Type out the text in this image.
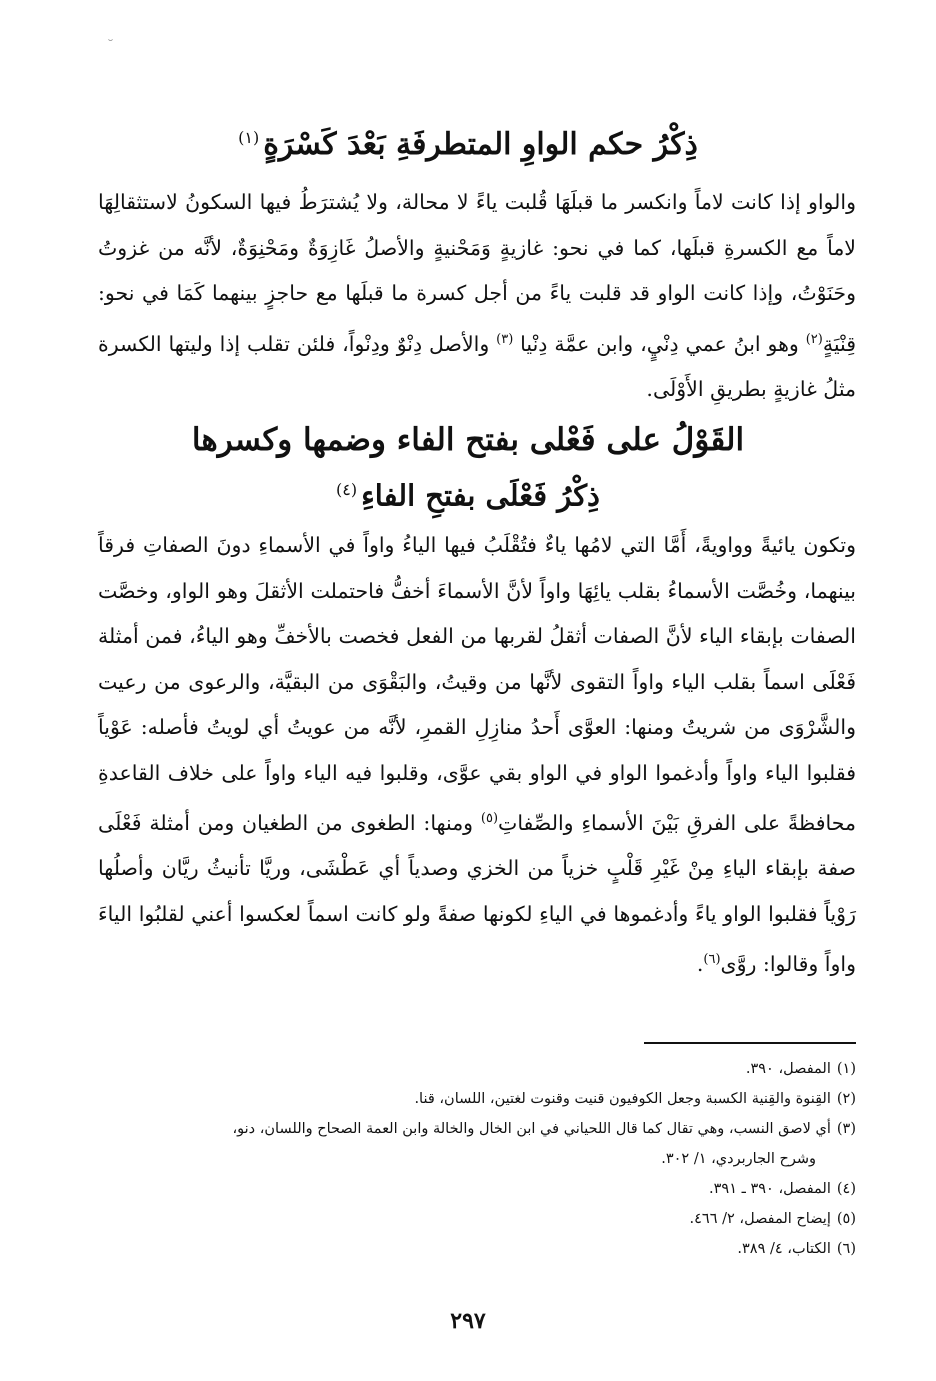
˘
ذِكْرُ حكم الواوِ المتطرفَةِ بَعْدَ كَسْرَةٍ$^{(١)}$
والواو إذا كانت لاماً وانكسر ما قبلَهَا قُلبت ياءً لا محالة، ولا يُشترَطُ فيها السكونُ لاستثقالِهَا لاماً مع الكسرةِ قبلَها، كما في نحو: غازيةٍ وَمَحْنيةٍ والأصلُ غَازِوَةٌ ومَحْنِوَةٌ، لأنَّه من غزوتُ وحَنَوْتُ، وإذا كانت الواو قد قلبت ياءً من أجل كسرة ما قبلَها مع حاجزٍ بينهما كَمَا في نحو: قِنْيَةٍ$^{(٢)}$ وهو ابنُ عمي دِنْيٍ، وابن عمَّة دِنْيا $^{(٣)}$ والأصل دِنْوٌ ودِنْواً، فلئن تقلب إذا وليتها الكسرة مثلُ غازيةٍ بطريقِ الأَوْلَى.
القَوْلُ على فَعْلى بفتح الفاء وضمها وكسرها
ذِكْرُ فَعْلَى بفتحِ الفاءِ$^{(٤)}$
وتكون يائيةً وواويةً، أَمَّا التي لامُها ياءٌ فتُقْلَبُ فيها الياءُ واواً في الأسماءِ دونَ الصفاتِ فرقاً بينهما، وخُصَّت الأسماءُ بقلب يائِهَا واواً لأنَّ الأسماءَ أخفُّ فاحتملت الأثقلَ وهو الواو، وخصَّت الصفات بإبقاء الياء لأنَّ الصفات أثقلُ لقربها من الفعل فخصت بالأخفِّ وهو الياءُ، فمن أمثلة فَعْلَى اسماً بقلب الياء واواً التقوى لأنَّها من وقيتُ، والبَقْوَى من البقيَّة، والرعوى من رعيت والشَّرْوَى من شريتُ ومنها: العوَّى أَحدُ منازِلِ القمرِ، لأنَّه من عويتُ أي لويتُ فأصله: عَوْياً فقلبوا الياء واواً وأدغموا الواو في الواو بقي عوَّى، وقلبوا فيه الياء واواً على خلاف القاعدةِ محافظةً على الفرقِ بَيْنَ الأسماءِ والصِّفاتِ$^{(٥)}$ ومنها: الطغوى من الطغيان ومن أمثلة فَعْلَى صفة بإبقاء الياءِ مِنْ غَيْرِ قَلْبٍ خزياً من الخزي وصدياً أي عَطْشَى، وريَّا تأنيثُ ريَّان وأصلُها رَوْياً فقلبوا الواو ياءً وأدغموها في الياءِ لكونها صفةً ولو كانت اسماً لعكسوا أعني لقلبُوا الياءَ واواً وقالوا: روَّى$^{(٦)}$.
(١)المفصل، ٣٩٠.
(٢)القِنوة والقِنية الكسبة وجعل الكوفيون قنيت وقنوت لغتين، اللسان، قنا.
(٣)أي لاصق النسب، وهي تقال كما قال اللحياني في ابن الخال والخالة وابن العمة الصحاح واللسان، دنو،
وشرح الجاربردي، ١/ ٣٠٢.
(٤)المفصل، ٣٩٠ ـ ٣٩١.
(٥)إيضاح المفصل، ٢/ ٤٦٦.
(٦)الكتاب، ٤/ ٣٨٩.
٢٩٧
